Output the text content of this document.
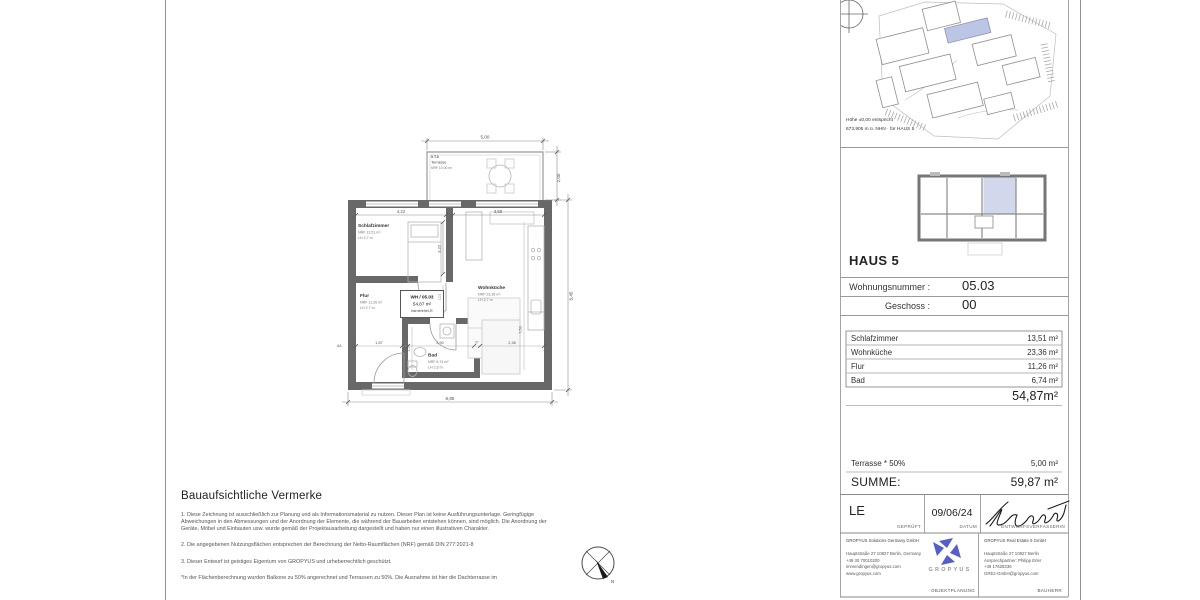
5,00
2,00
8,45
8,85
4,22	13	3,58
3,20
1,87	26	2,90	67	2,38
2,53
1,01
7,53
0.T.3
Terrasse
NRF 10,00 m²
Schlafzimmer
NRF 13,51 m²
LH 2,7 m
Flur
NRF 11,26 m²
LH 2,7 m
Wohnküche
NRF 23,36 m²
LH 2,7 m
Bad
NRF 6,74 m²
LH 2,6 m
WH / 05.03
54,87 m²
barrierefrei-R
AA
N
Höhe ±0,00 entspricht
673,905 m ü. NHN · für HAUS 5
HAUS 5
Wohnungsnummer : 05.03
Geschoss : 00
Schlafzimmer	13,51 m²
Wohnküche	23,36 m²
Flur	11,26 m²
Bad	6,74 m²
54,87m²
Terrasse * 50%	5,00 m²
SUMME:	59,87 m²
LE
GEPRÜFT
09/06/24
DATUM	ENTWURFSVERFASSERIN
GROPYUS Solutions Germany GmbH
Hauptstraße 27 10827 Berlin, Germany
+49 30 70010200
immendingen@gropyus.com
www.gropyus.com	GROPYUS
OBJEKTPLANUNG
GROPYUS Real Estate 5 GmbH
Hauptstraße 27 10827 Berlin
Ansprechpartner: Philipp Erler
+49 17628336
GRE2-GmbH@gropyus.com
BAUHERR
Bauaufsichtliche Vermerke

1. Diese Zeichnung ist ausschließlich zur Planung und als Informationsmaterial zu nutzen. Dieser Plan ist keine Ausführungsunterlage. Geringfügige Abweichungen in den Abmessungen und der Anordnung der Elemente, die während der Bauarbeiten entstehen können, sind möglich. Die Anordnung der Geräte, Möbel und Einbauten usw. wurde gemäß der Projektausarbeitung dargestellt und haben nur einen illustrativen Charakter.

2. Die angegebenen Nutzungsflächen entsprechen der Berechnung der Netto-Raumflächen (NRF) gemäß DIN 277:2021-8

3. Dieser Entwurf ist geistiges Eigentum von GROPYUS und urheberrechtlich geschützt.

*In der Flächenberechnung wurden Balkone zu 50% angerechnet und Terrassen zu 50%. Die Ausnahme ist hier die Dachterrasse im
